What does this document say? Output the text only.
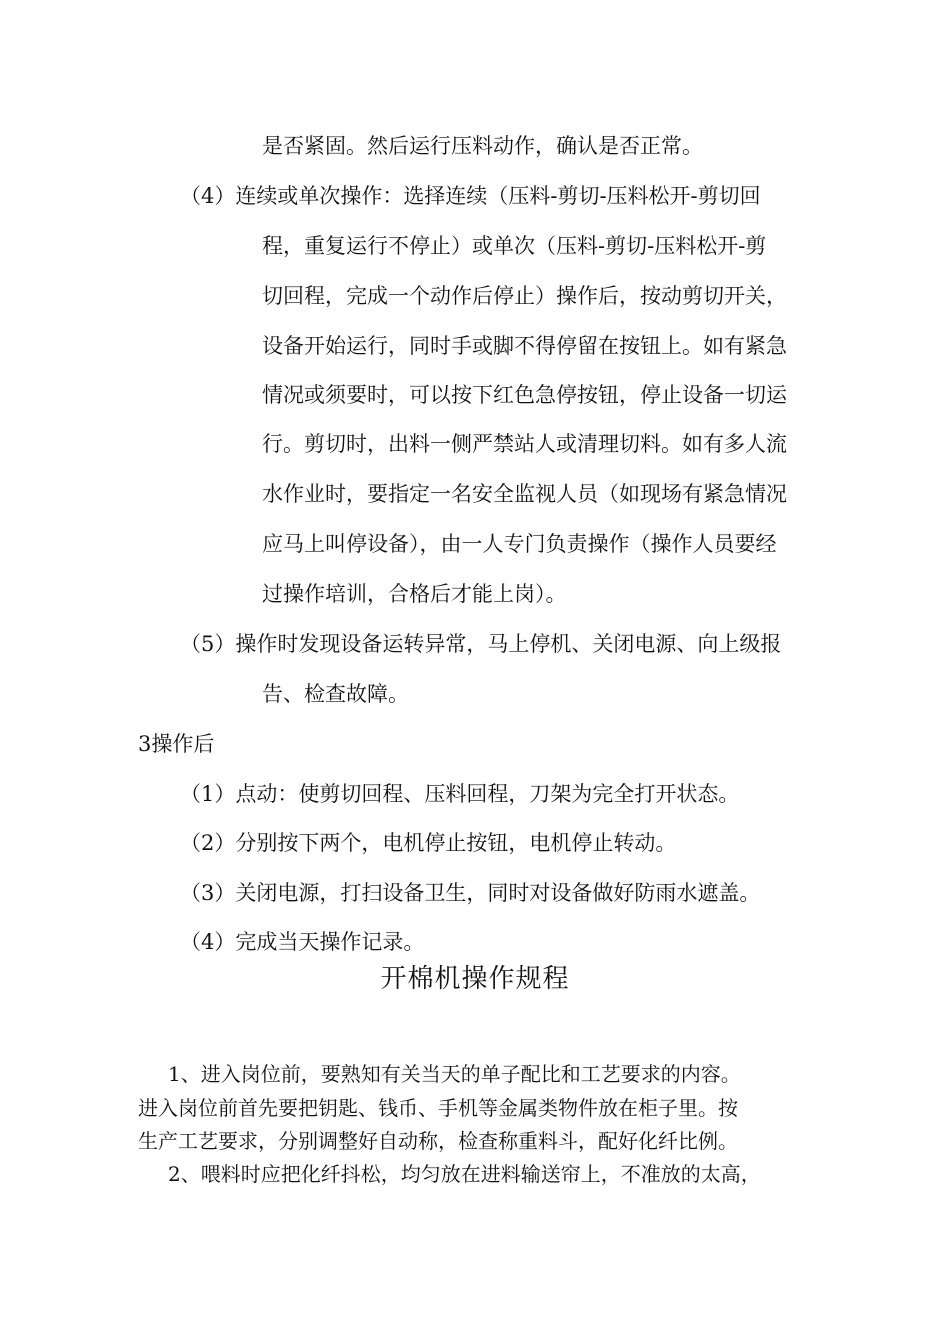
是否紧固。然后运行压料动作，确认是否正常。
（4）连续或单次操作：选择连续（压料-剪切-压料松开-剪切回
程，重复运行不停止）或单次（压料-剪切-压料松开-剪
切回程，完成一个动作后停止）操作后，按动剪切开关，
设备开始运行，同时手或脚不得停留在按钮上。如有紧急
情况或须要时，可以按下红色急停按钮，停止设备一切运
行。剪切时，出料一侧严禁站人或清理切料。如有多人流
水作业时，要指定一名安全监视人员（如现场有紧急情况
应马上叫停设备），由一人专门负责操作（操作人员要经
过操作培训，合格后才能上岗）。
（5）操作时发现设备运转异常，马上停机、关闭电源、向上级报
告、检查故障。
3操作后
（1）点动：使剪切回程、压料回程，刀架为完全打开状态。
（2）分别按下两个，电机停止按钮，电机停止转动。
（3）关闭电源，打扫设备卫生，同时对设备做好防雨水遮盖。
（4）完成当天操作记录。
开棉机操作规程
1、进入岗位前，要熟知有关当天的单子配比和工艺要求的内容。
进入岗位前首先要把钥匙、钱币、手机等金属类物件放在柜子里。按
生产工艺要求，分别调整好自动称，检查称重料斗，配好化纤比例。
2、喂料时应把化纤抖松，均匀放在进料输送帘上，不准放的太高，
